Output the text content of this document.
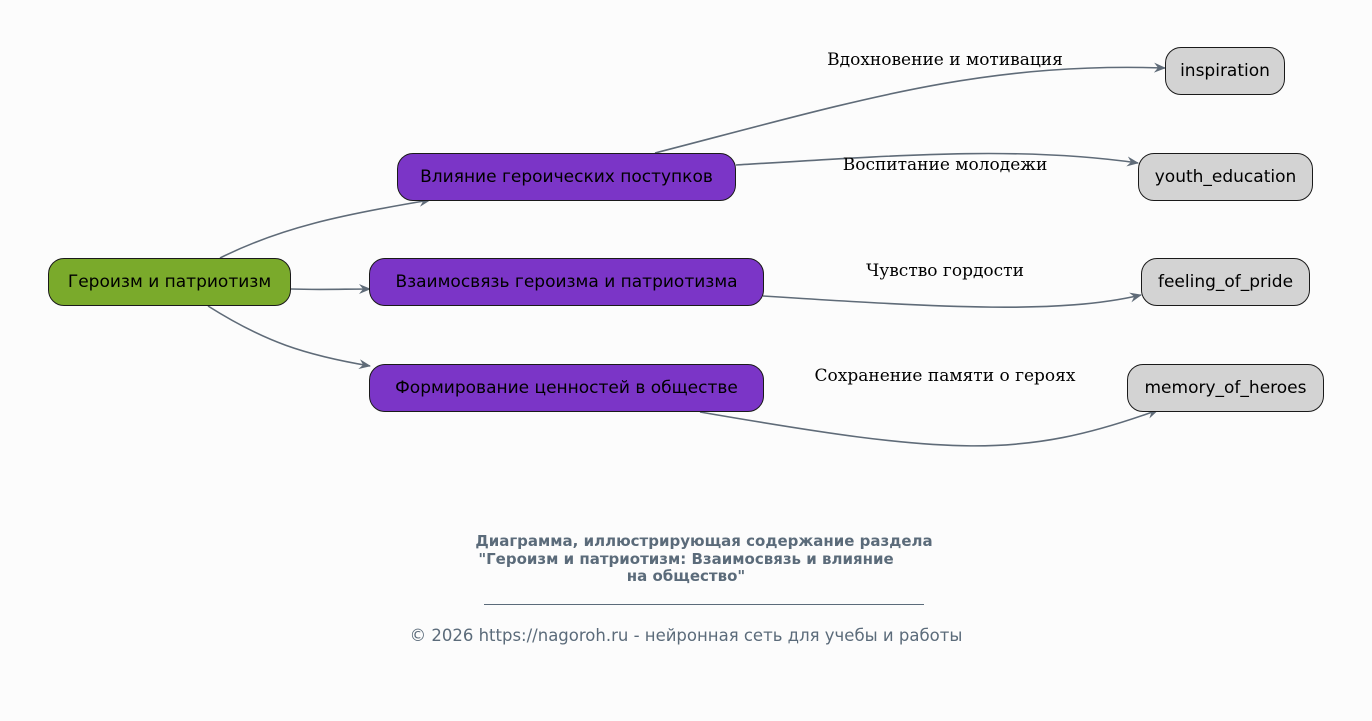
Героизм и патриотизм
Влияние героических поступков
Взаимосвязь героизма и патриотизма
Формирование ценностей в обществе
inspiration
youth_education
feeling_of_pride
memory_of_heroes
Вдохновение и мотивация
Воспитание молодежи
Чувство гордости
Сохранение памяти о героях
Диаграмма, иллюстрирующая содержание раздела
"Героизм и патриотизм: Взаимосвязь и влияние
на общество"
© 2026 https://nagoroh.ru - нейронная сеть для учебы и работы
